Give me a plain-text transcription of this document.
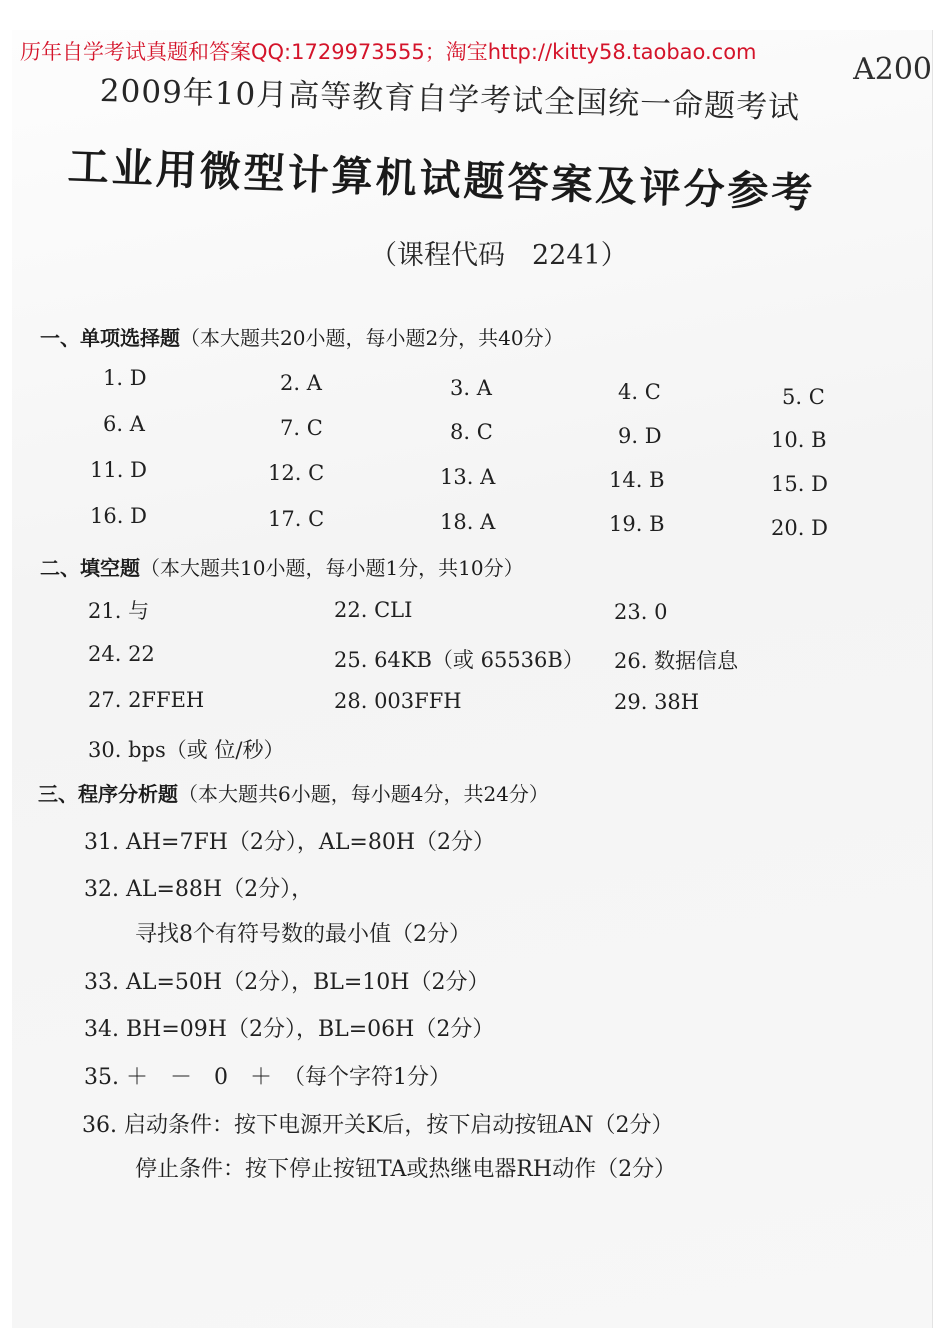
历年自学考试真题和答案QQ:1729973555；淘宝http://kitty58.taobao.com	A200
2009年10月高等教育自学考试全国统一命题考试
工业用微型计算机试题答案及评分参考
（课程代码　2241）
一、单项选择题（本大题共20小题，每小题2分，共40分）
1. D	2. A	3. A	4. C	5. C
6. A	7. C	8. C	9. D	10. B
11. D	12. C	13. A	14. B	15. D
16. D	17. C	18. A	19. B	20. D
二、填空题（本大题共10小题，每小题1分，共10分）
21. 与	22. CLI	23. 0
24. 22	25. 64KB（或 65536B） 26. 数据信息
27. 2FFEH	28. 003FFH	29. 38H
30. bps（或 位/秒）
三、程序分析题（本大题共6小题，每小题4分，共24分）
31. AH=7FH（2分），AL=80H（2分）
32. AL=88H（2分），
寻找8个有符号数的最小值（2分）
33. AL=50H（2分），BL=10H（2分）
34. BH=09H（2分），BL=06H（2分）
35. ＋　－　0　＋　（每个字符1分）
36. 启动条件：按下电源开关K后，按下启动按钮AN（2分）
停止条件：按下停止按钮TA或热继电器RH动作（2分）
